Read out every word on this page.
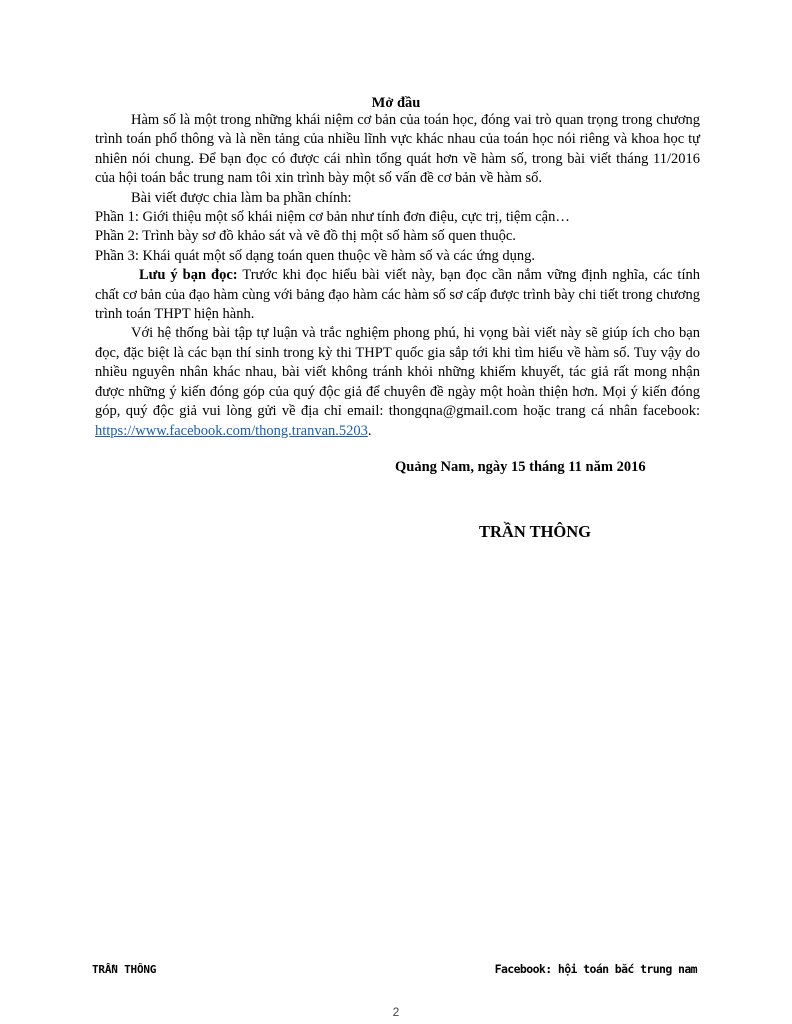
Mở đầu

Hàm số là một trong những khái niệm cơ bản của toán học, đóng vai trò quan trọng trong chương trình toán phổ thông và là nền tảng của nhiều lĩnh vực khác nhau của toán học nói riêng và khoa học tự nhiên nói chung. Để bạn đọc có được cái nhìn tổng quát hơn về hàm số, trong bài viết tháng 11/2016 của hội toán bắc trung nam tôi xin trình bày một số vấn đề cơ bản về hàm số.

Bài viết được chia làm ba phần chính:

Phần 1: Giới thiệu một số khái niệm cơ bản như tính đơn điệu, cực trị, tiệm cận…

Phần 2: Trình bày sơ đồ khảo sát và vẽ đồ thị một số hàm số quen thuộc.

Phần 3: Khái quát một số dạng toán quen thuộc về hàm số và các ứng dụng.

Lưu ý bạn đọc: Trước khi đọc hiểu bài viết này, bạn đọc cần nắm vững định nghĩa, các tính chất cơ bản của đạo hàm cùng với bảng đạo hàm các hàm số sơ cấp được trình bày chi tiết trong chương trình toán THPT hiện hành.

Với hệ thống bài tập tự luận và trắc nghiệm phong phú, hi vọng bài viết này sẽ giúp ích cho bạn đọc, đặc biệt là các bạn thí sinh trong kỳ thi THPT quốc gia sắp tới khi tìm hiểu về hàm số. Tuy vậy do nhiều nguyên nhân khác nhau, bài viết không tránh khỏi những khiếm khuyết, tác giả rất mong nhận được những ý kiến đóng góp của quý độc giả để chuyên đề ngày một hoàn thiện hơn. Mọi ý kiến đóng góp, quý độc giả vui lòng gửi về địa chỉ email: thongqna@gmail.com hoặc trang cá nhân facebook: https://www.facebook.com/thong.tranvan.5203.

Quảng Nam, ngày 15 tháng 11 năm 2016
TRẦN THÔNG
TRẦN THÔNG	Facebook: hội toán bắc trung nam
2
